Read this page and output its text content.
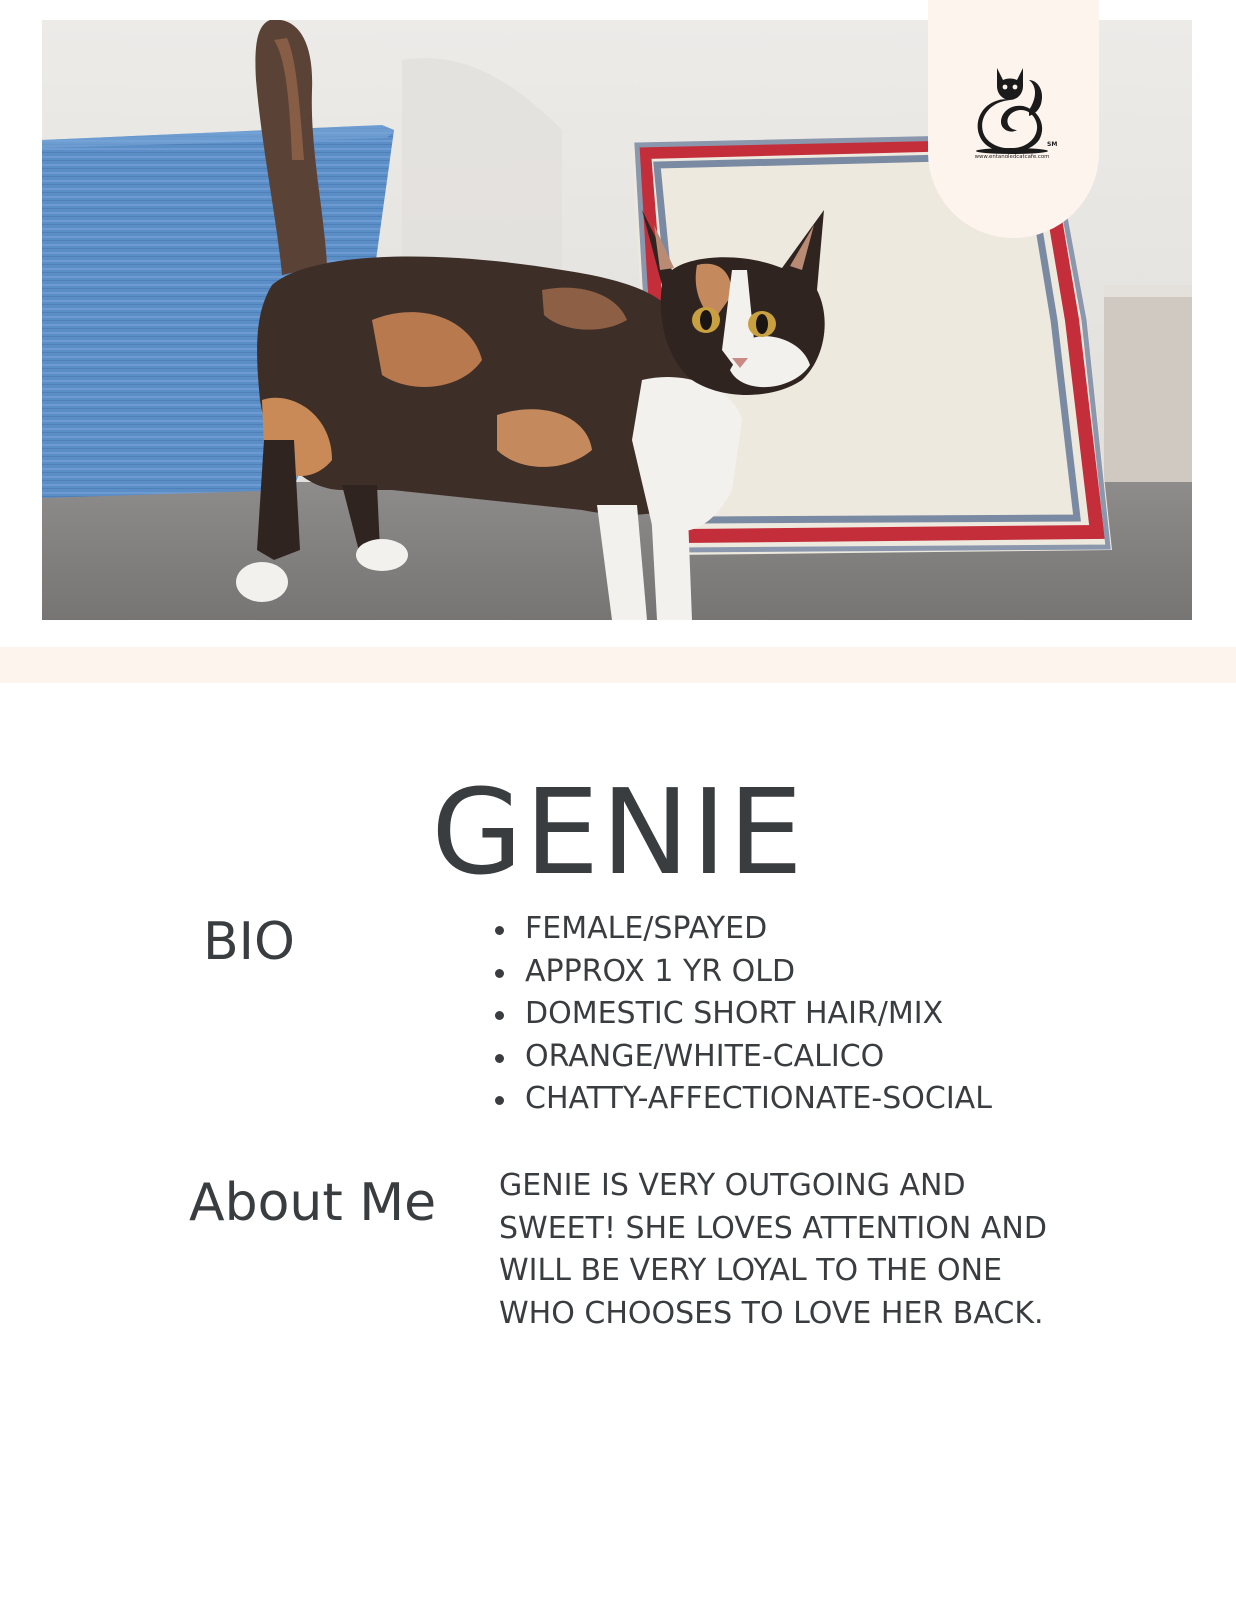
SM
www.entangledcatcafe.com
GENIE
BIO	FEMALE/SPAYED
APPROX 1 YR OLD
DOMESTIC SHORT HAIR/MIX
ORANGE/WHITE-CALICO
CHATTY-AFFECTIONATE-SOCIAL
About Me GENIE IS VERY OUTGOING AND SWEET! SHE LOVES ATTENTION AND WILL BE VERY LOYAL TO THE ONE WHO CHOOSES TO LOVE HER BACK.
